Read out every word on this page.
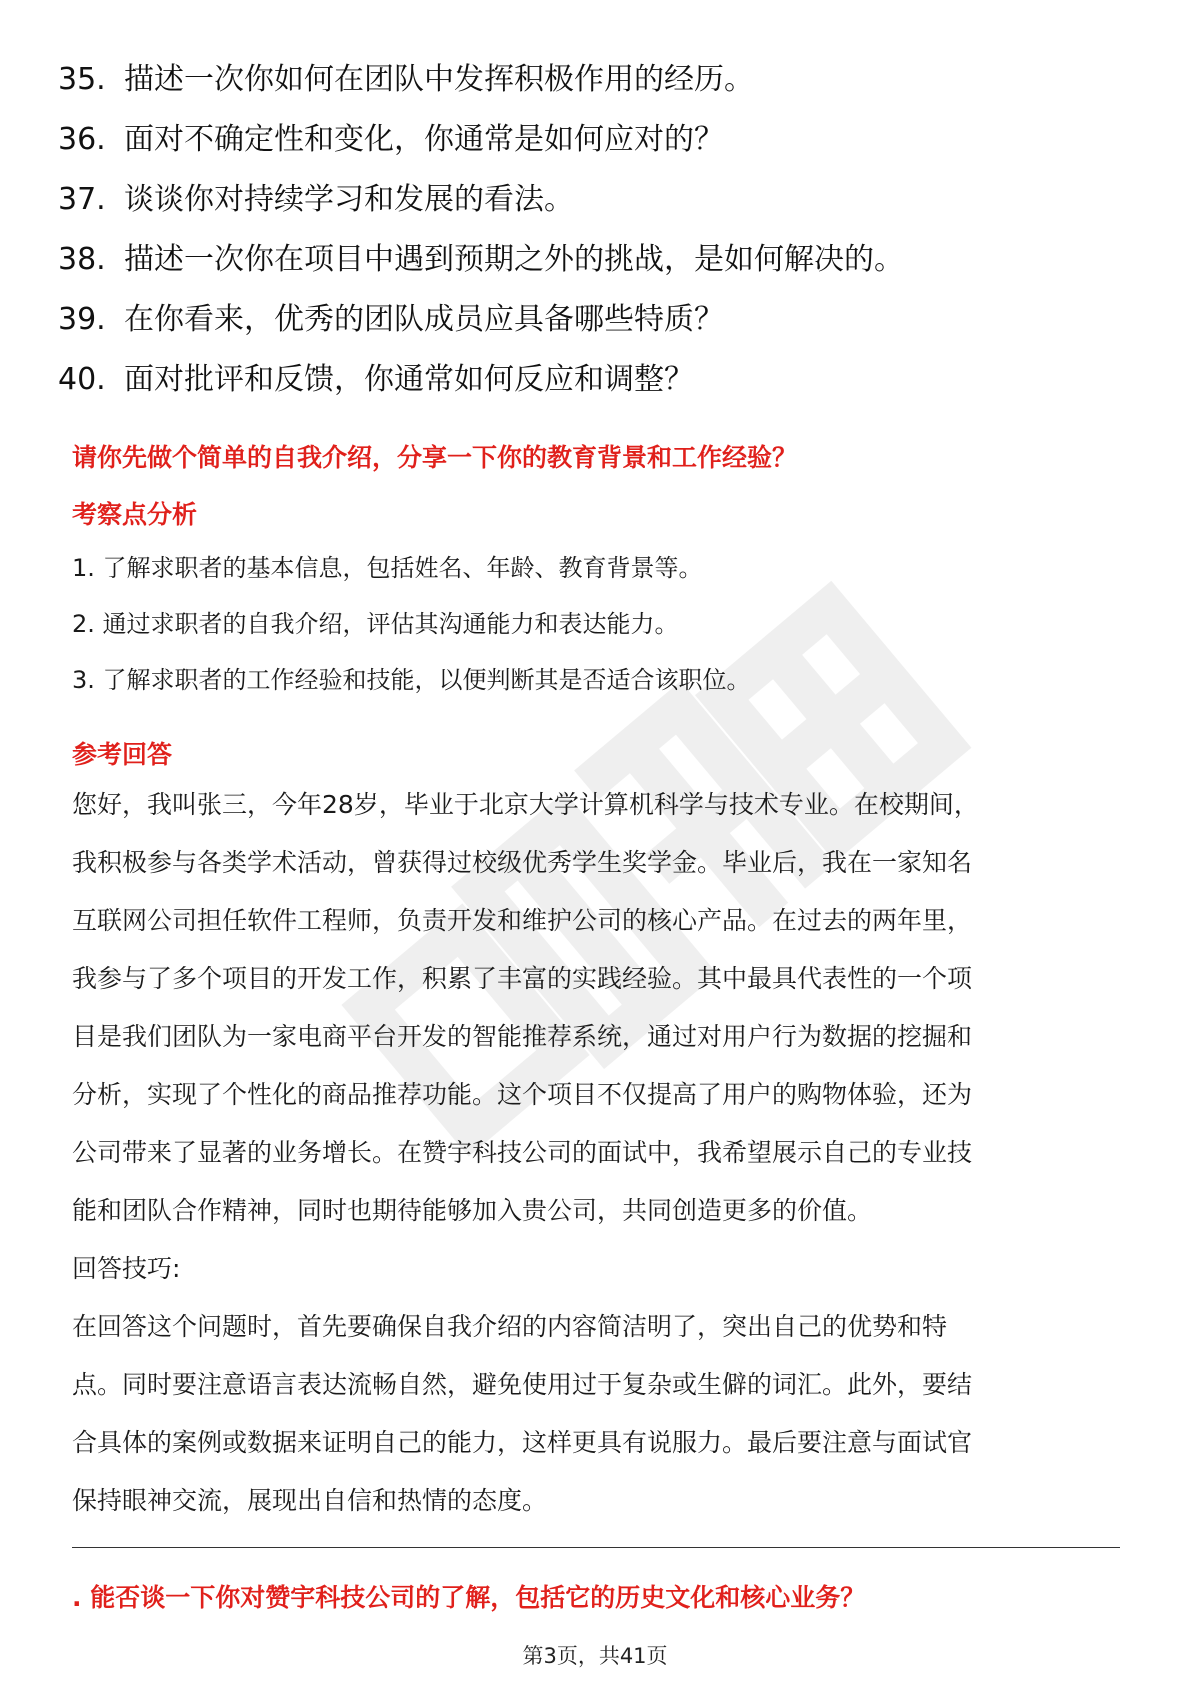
35. 描述一次你如何在团队中发挥积极作用的经历。
36. 面对不确定性和变化，你通常是如何应对的？
37. 谈谈你对持续学习和发展的看法。
38. 描述一次你在项目中遇到预期之外的挑战，是如何解决的。
39. 在你看来，优秀的团队成员应具备哪些特质？
40. 面对批评和反馈，你通常如何反应和调整？
请你先做个简单的自我介绍，分享一下你的教育背景和工作经验？
考察点分析
1. 了解求职者的基本信息，包括姓名、年龄、教育背景等。
2. 通过求职者的自我介绍，评估其沟通能力和表达能力。
3. 了解求职者的工作经验和技能，以便判断其是否适合该职位。
参考回答
您好，我叫张三，今年28岁，毕业于北京大学计算机科学与技术专业。在校期间，
我积极参与各类学术活动，曾获得过校级优秀学生奖学金。毕业后，我在一家知名
互联网公司担任软件工程师，负责开发和维护公司的核心产品。在过去的两年里，
我参与了多个项目的开发工作，积累了丰富的实践经验。其中最具代表性的一个项
目是我们团队为一家电商平台开发的智能推荐系统，通过对用户行为数据的挖掘和
分析，实现了个性化的商品推荐功能。这个项目不仅提高了用户的购物体验，还为
公司带来了显著的业务增长。在赞宇科技公司的面试中，我希望展示自己的专业技
能和团队合作精神，同时也期待能够加入贵公司，共同创造更多的价值。
回答技巧:
在回答这个问题时，首先要确保自我介绍的内容简洁明了，突出自己的优势和特
点。同时要注意语言表达流畅自然，避免使用过于复杂或生僻的词汇。此外，要结
合具体的案例或数据来证明自己的能力，这样更具有说服力。最后要注意与面试官
保持眼神交流，展现出自信和热情的态度。
. 能否谈一下你对赞宇科技公司的了解，包括它的历史文化和核心业务？
第3页，共41页
